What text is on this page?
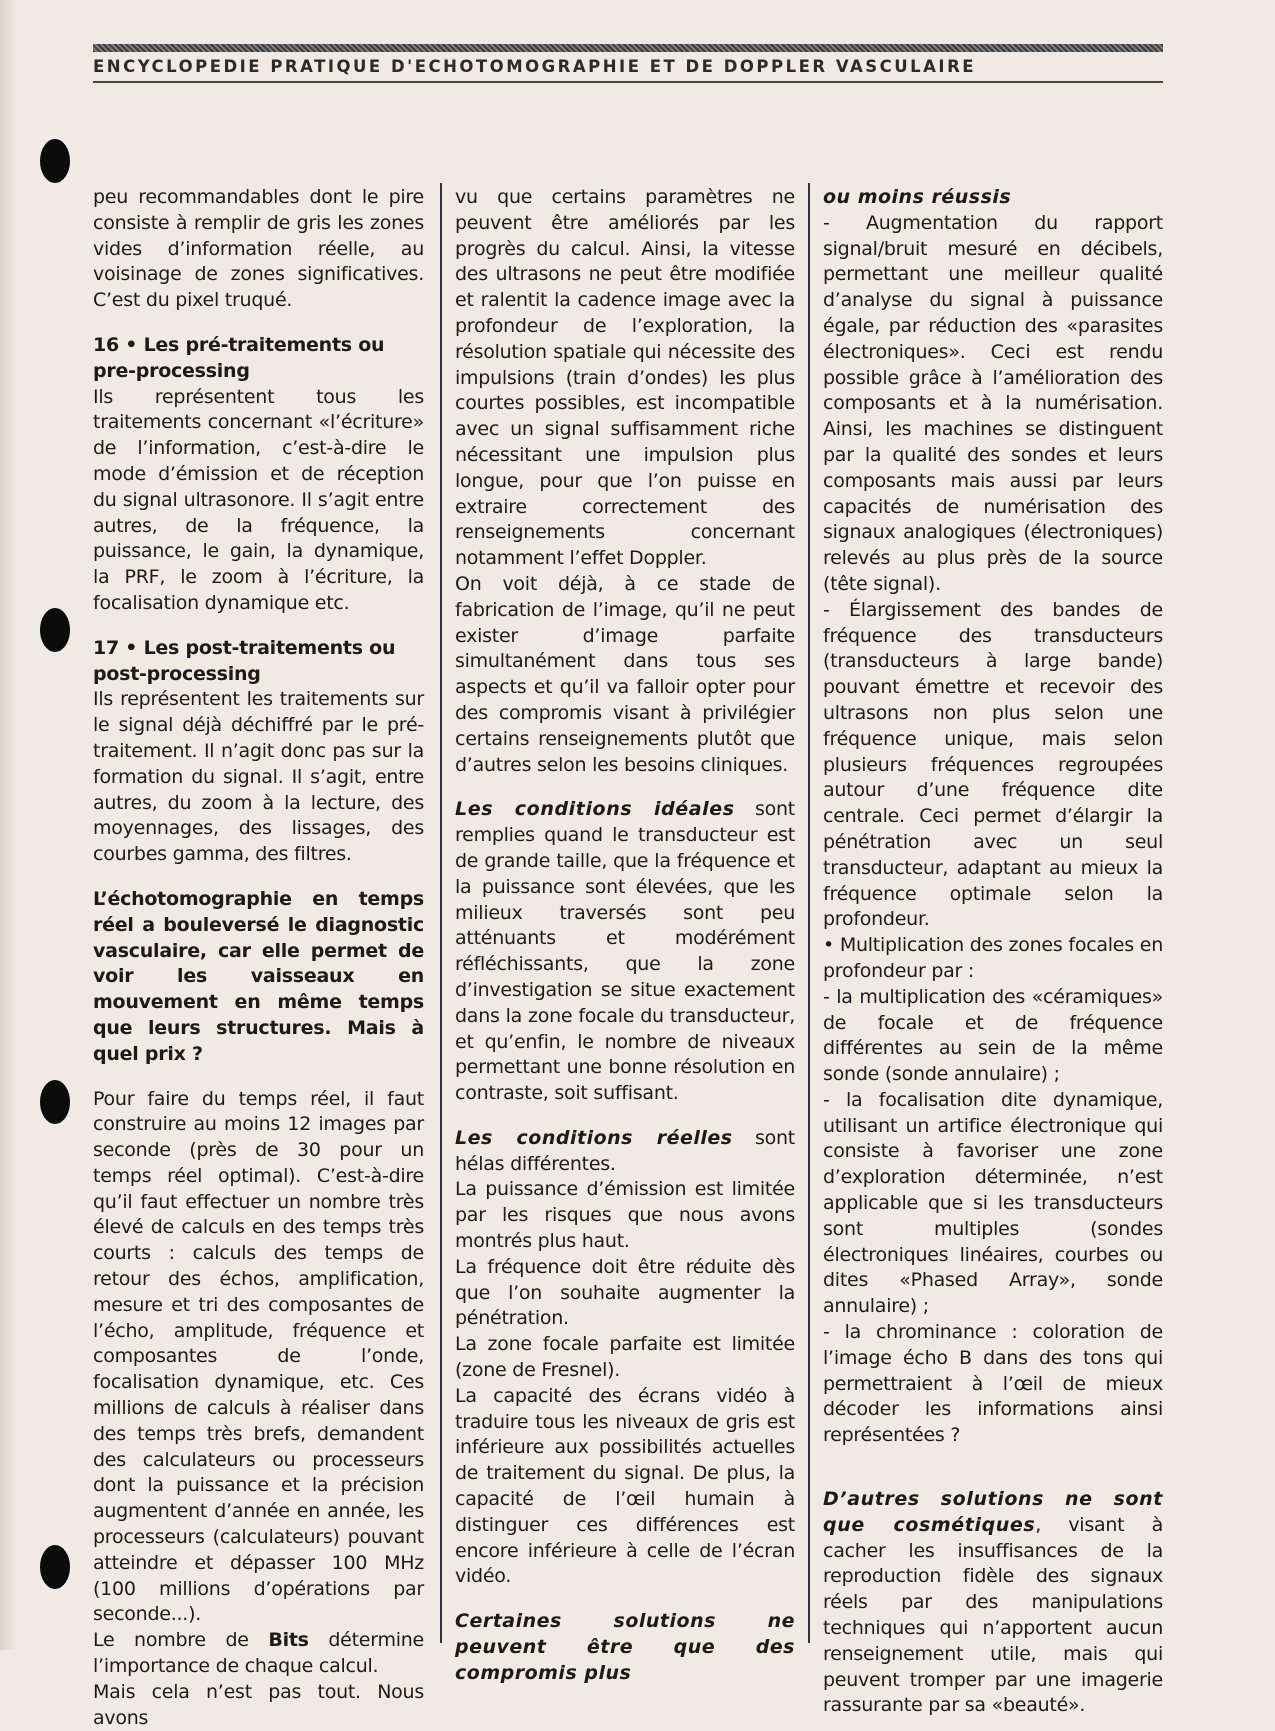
ENCYCLOPEDIE PRATIQUE D'ECHOTOMOGRAPHIE ET DE DOPPLER VASCULAIRE

peu recommandables dont le pire consiste à remplir de gris les zones vides d’information réelle, au voisinage de zones significatives. C’est du pixel truqué.

16 • Les pré-traitements ou pre-processing

Ils représentent tous les traitements concernant «l’écriture» de l’information, c’est-à-dire le mode d’émission et de réception du signal ultrasonore. Il s’agit entre autres, de la fréquence, la puissance, le gain, la dynamique, la PRF, le zoom à l’écriture, la focalisation dynamique etc.

17 • Les post-traitements ou post-processing

Ils représentent les traitements sur le signal déjà déchiffré par le pré-traitement. Il n’agit donc pas sur la formation du signal. Il s’agit, entre autres, du zoom à la lecture, des moyennages, des lissages, des courbes gamma, des filtres.

L’échotomographie en temps réel a bouleversé le diagnostic vasculaire, car elle permet de voir les vaisseaux en mouvement en même temps que leurs structures. Mais à quel prix ?

Pour faire du temps réel, il faut construire au moins 12 images par seconde (près de 30 pour un temps réel optimal). C’est-à-dire qu’il faut effectuer un nombre très élevé de calculs en des temps très courts : calculs des temps de retour des échos, amplification, mesure et tri des composantes de l’écho, amplitude, fréquence et composantes de l’onde, focalisation dynamique, etc. Ces millions de calculs à réaliser dans des temps très brefs, demandent des calculateurs ou processeurs dont la puissance et la précision augmentent d’année en année, les processeurs (calculateurs) pouvant atteindre et dépasser 100 MHz (100 millions d’opérations par seconde...).

Le nombre de Bits détermine l’importance de chaque calcul.

Mais cela n’est pas tout. Nous avons

vu que certains paramètres ne peuvent être améliorés par les progrès du calcul. Ainsi, la vitesse des ultrasons ne peut être modifiée et ralentit la cadence image avec la profondeur de l’exploration, la résolution spatiale qui nécessite des impulsions (train d’ondes) les plus courtes possibles, est incompatible avec un signal suffisamment riche nécessitant une impulsion plus longue, pour que l’on puisse en extraire correctement des renseignements concernant notamment l’effet Doppler.

On voit déjà, à ce stade de fabrication de l’image, qu’il ne peut exister d’image parfaite simultanément dans tous ses aspects et qu’il va falloir opter pour des compromis visant à privilégier certains renseignements plutôt que d’autres selon les besoins cliniques.

Les conditions idéales sont remplies quand le transducteur est de grande taille, que la fréquence et la puissance sont élevées, que les milieux traversés sont peu atténuants et modérément réfléchissants, que la zone d’investigation se situe exactement dans la zone focale du transducteur, et qu’enfin, le nombre de niveaux permettant une bonne résolution en contraste, soit suffisant.

Les conditions réelles sont hélas différentes.

La puissance d’émission est limitée par les risques que nous avons montrés plus haut.

La fréquence doit être réduite dès que l’on souhaite augmenter la pénétration.

La zone focale parfaite est limitée (zone de Fresnel).

La capacité des écrans vidéo à traduire tous les niveaux de gris est inférieure aux possibilités actuelles de traitement du signal. De plus, la capacité de l’œil humain à distinguer ces différences est encore inférieure à celle de l’écran vidéo.

Certaines solutions ne peuvent être que des compromis plus

ou moins réussis

- Augmentation du rapport signal/bruit mesuré en décibels, permettant une meilleur qualité d’analyse du signal à puissance égale, par réduction des «parasites électroniques». Ceci est rendu possible grâce à l’amélioration des composants et à la numérisation. Ainsi, les machines se distinguent par la qualité des sondes et leurs composants mais aussi par leurs capacités de numérisation des signaux analogiques (électroniques) relevés au plus près de la source (tête signal).

- Élargissement des bandes de fréquence des transducteurs (transducteurs à large bande) pouvant émettre et recevoir des ultrasons non plus selon une fréquence unique, mais selon plusieurs fréquences regroupées autour d’une fréquence dite centrale. Ceci permet d’élargir la pénétration avec un seul transducteur, adaptant au mieux la fréquence optimale selon la profondeur.

• Multiplication des zones focales en profondeur par :

- la multiplication des «céramiques» de focale et de fréquence différentes au sein de la même sonde (sonde annulaire) ;

- la focalisation dite dynamique, utilisant un artifice électronique qui consiste à favoriser une zone d’exploration déterminée, n’est applicable que si les transducteurs sont multiples (sondes électroniques linéaires, courbes ou dites «Phased Array», sonde annulaire) ;

- la chrominance : coloration de l’image écho B dans des tons qui permettraient à l’œil de mieux décoder les informations ainsi représentées ?

D’autres solutions ne sont que cosmétiques, visant à cacher les insuffisances de la reproduction fidèle des signaux réels par des manipulations techniques qui n’apportent aucun renseignement utile, mais qui peuvent tromper par une imagerie rassurante par sa «beauté».
